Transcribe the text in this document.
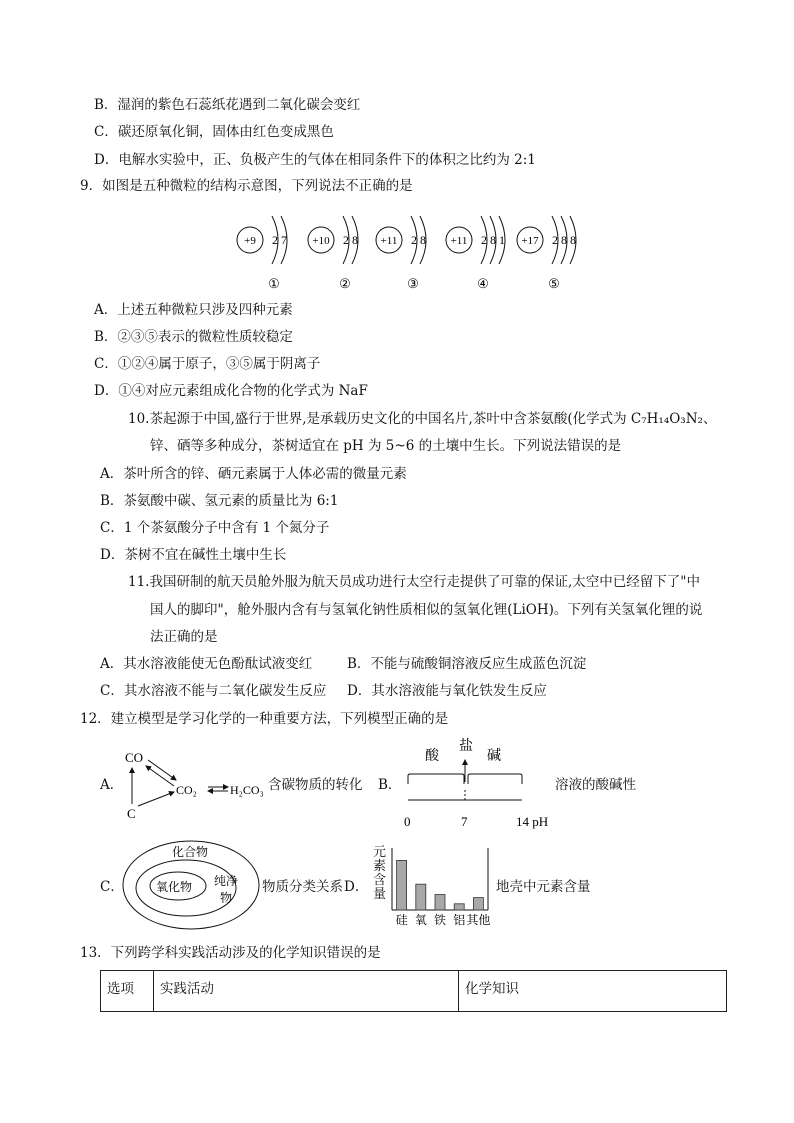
B．湿润的紫色石蕊纸花遇到二氧化碳会变红
C．碳还原氧化铜，固体由红色变成黑色
D．电解水实验中，正、负极产生的气体在相同条件下的体积之比约为 2:1
9．如图是五种微粒的结构示意图，下列说法不正确的是
+9 2 7
①
+10 2 8
②
+11 2 8
③
+11 2 8 1
④
+17 2 8 8
⑤
A．上述五种微粒只涉及四种元素
B．②③⑤表示的微粒性质较稳定
C．①②④属于原子，③⑤属于阴离子
D．①④对应元素组成化合物的化学式为 NaF
10.茶起源于中国,盛行于世界,是承载历史文化的中国名片,茶叶中含茶氨酸(化学式为 C₇H₁₄O₃N₂、
锌、硒等多种成分，茶树适宜在 pH 为 5~6 的土壤中生长。下列说法错误的是
A．茶叶所含的锌、硒元素属于人体必需的微量元素
B．茶氨酸中碳、氢元素的质量比为 6:1
C．1 个茶氨酸分子中含有 1 个氮分子
D．茶树不宜在碱性土壤中生长
11.我国研制的航天员舱外服为航天员成功进行太空行走提供了可靠的保证,太空中已经留下了"中
国人的脚印"，舱外服内含有与氢氧化钠性质相似的氢氧化锂(LiOH)。下列有关氢氧化锂的说
法正确的是
A．其水溶液能使无色酚酞试液变红	B．不能与硫酸铜溶液反应生成蓝色沉淀
C．其水溶液不能与二氧化碳发生反应 D．其水溶液能与氧化铁发生反应
12．建立模型是学习化学的一种重要方法，下列模型正确的是
A．
CO
C
CO₂	H₂CO₃ 含碳物质的转化 B．
酸
盐
碱
0	7	14 pH
溶液的酸碱性
C．
化合物
氧化物 纯净
物
物质分类关系 D．
元素含量
硅 氧 铁 铝 其他
地壳中元素含量
13．下列跨学科实践活动涉及的化学知识错误的是
选项	实践活动	化学知识
